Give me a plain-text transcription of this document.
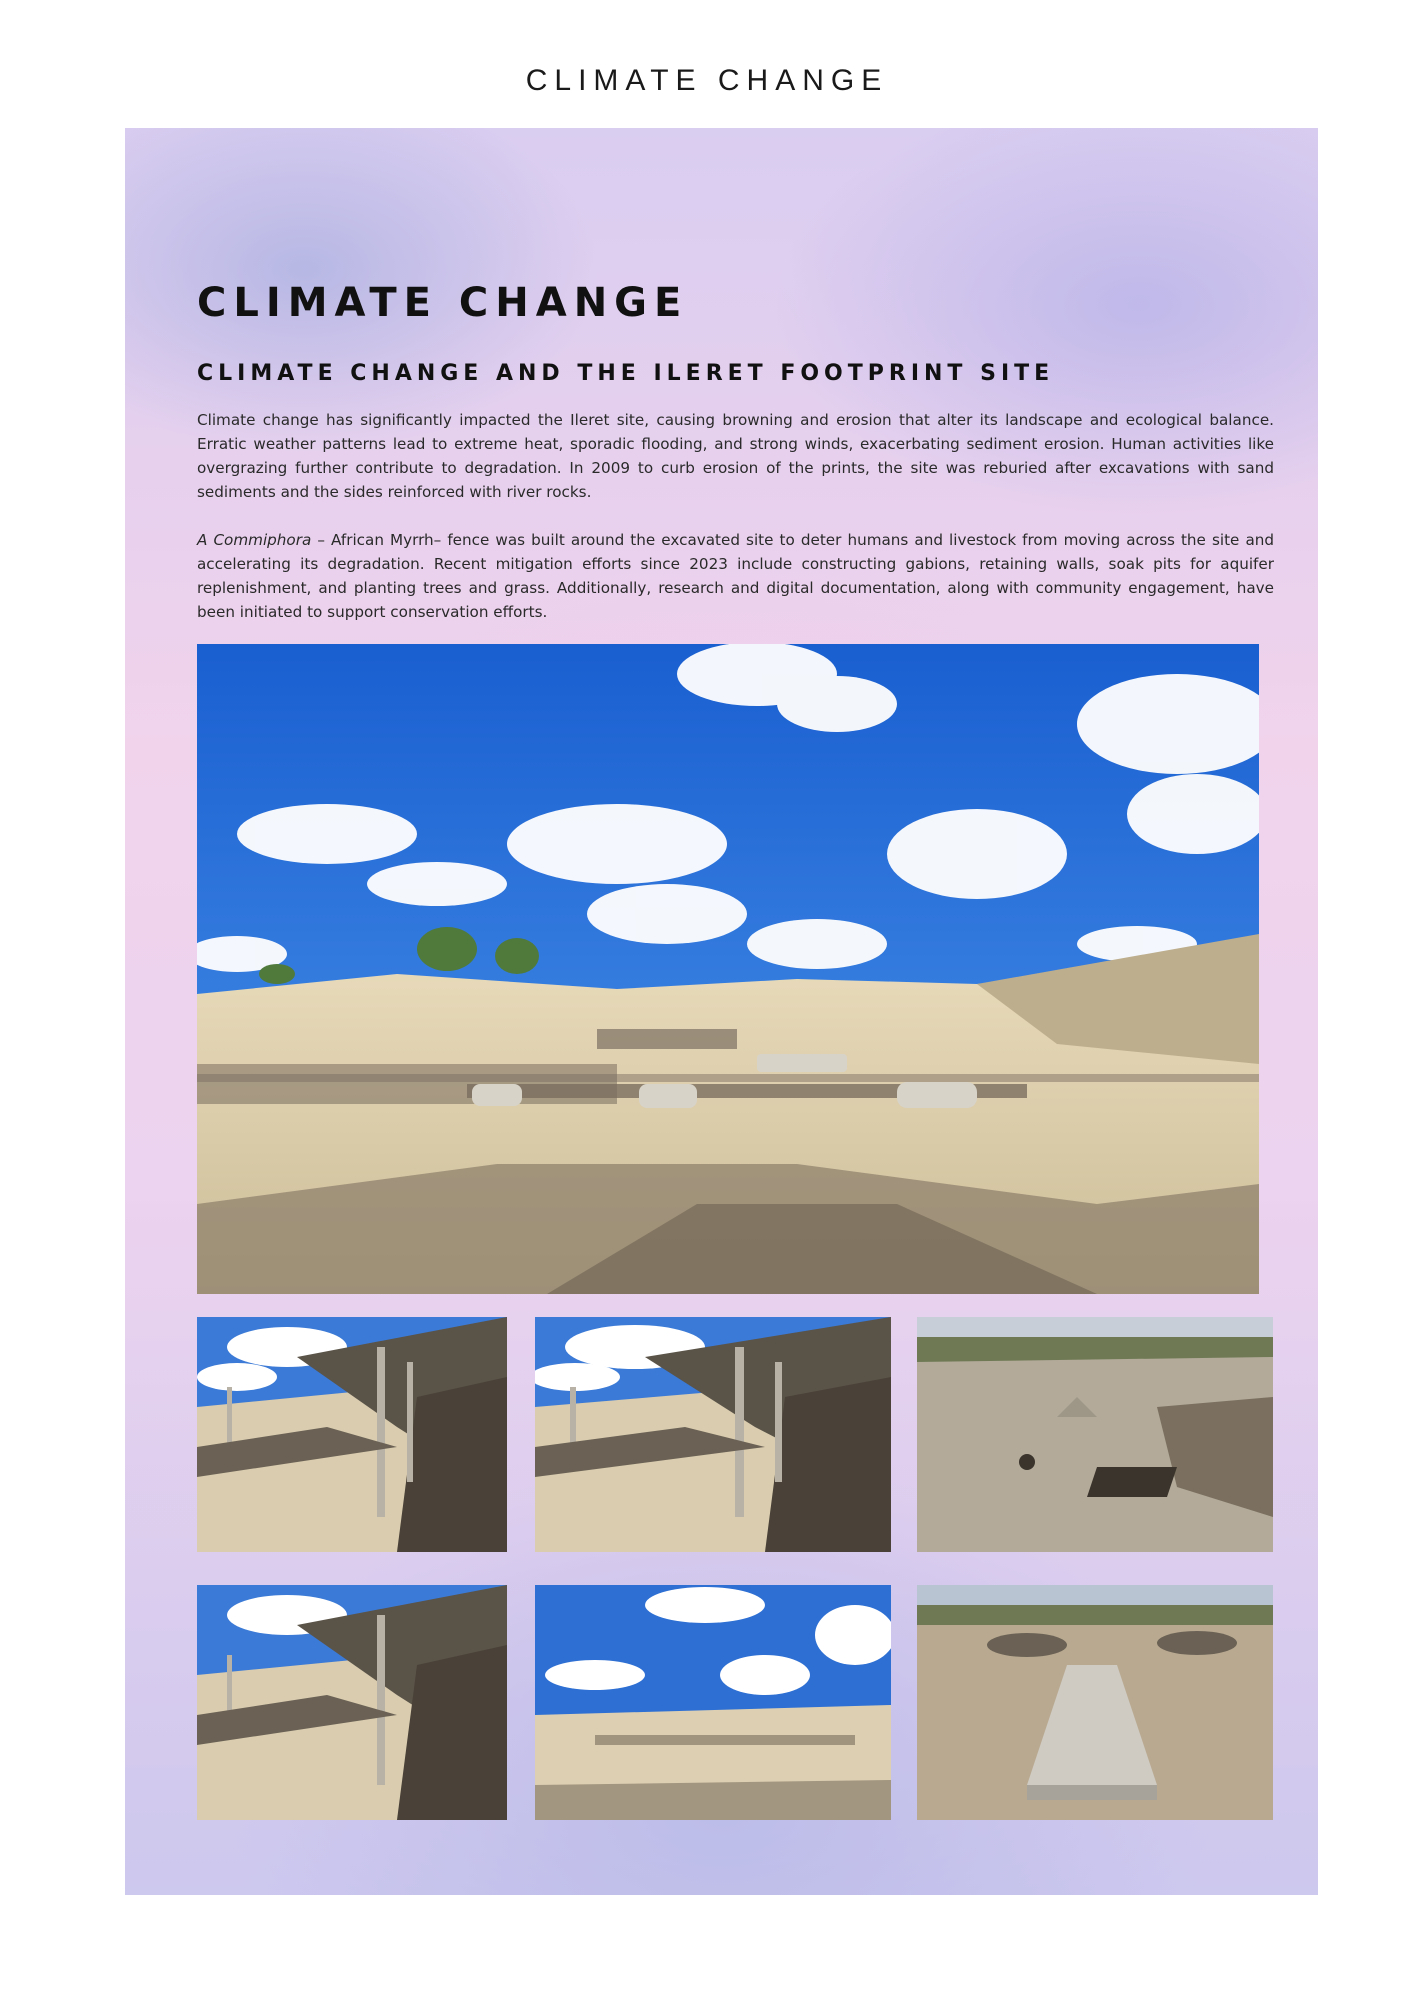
CLIMATE CHANGE
CLIMATE CHANGE
CLIMATE CHANGE AND THE ILERET FOOTPRINT SITE

Climate change has significantly impacted the Ileret site, causing browning and erosion that alter its landscape and ecological balance. Erratic weather patterns lead to extreme heat, sporadic flooding, and strong winds, exacerbating sediment erosion. Human activities like overgrazing further contribute to degradation. In 2009 to curb erosion of the prints, the site was reburied after excavations with sand sediments and the sides reinforced with river rocks.

A Commiphora – African Myrrh– fence was built around the excavated site to deter humans and livestock from moving across the site and accelerating its degradation. Recent mitigation efforts since 2023 include constructing gabions, retaining walls, soak pits for aquifer replenishment, and planting trees and grass. Additionally, research and digital documentation, along with community engagement, have been initiated to support conservation efforts.
